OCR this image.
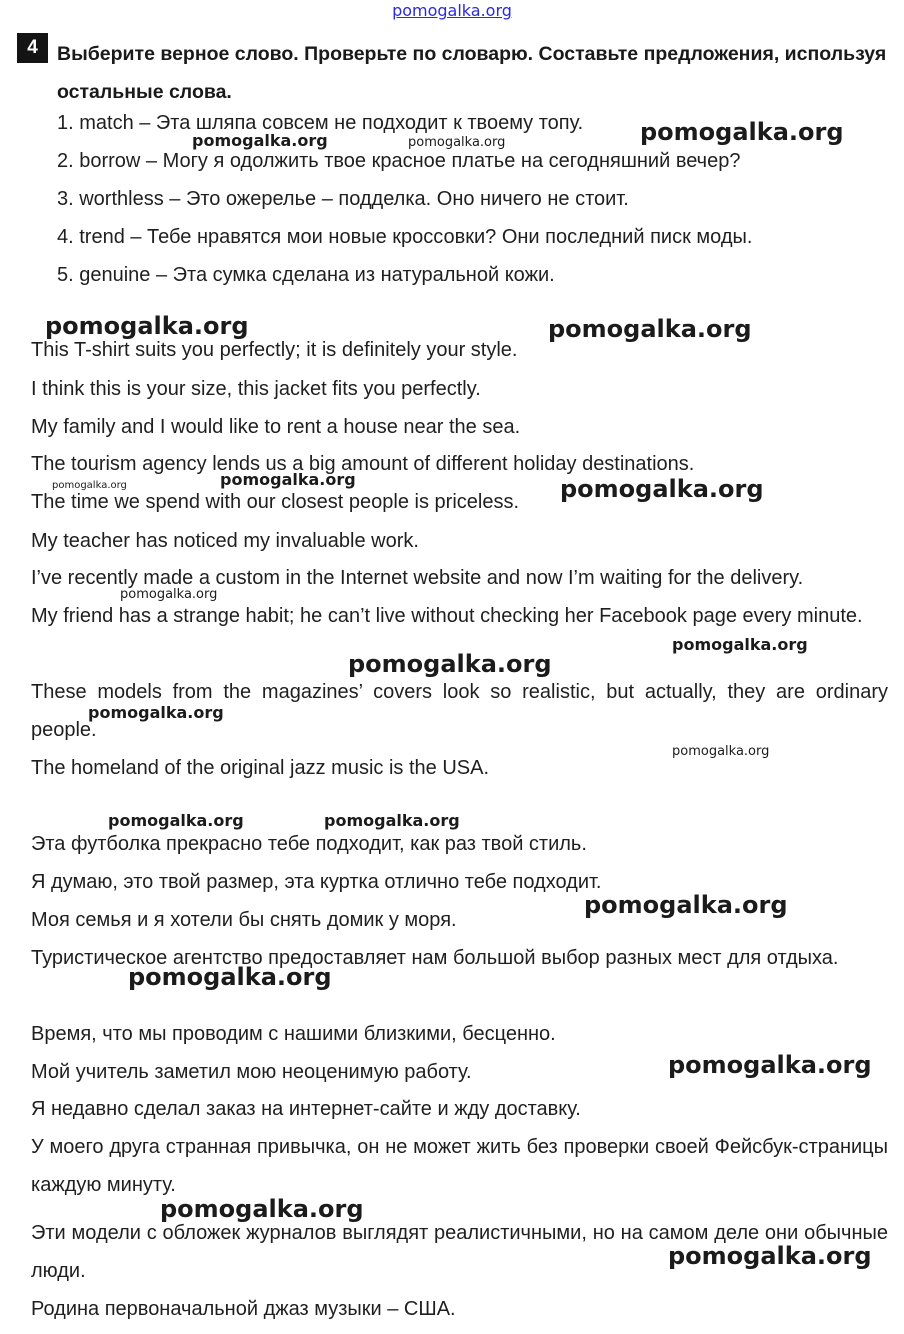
pomogalka.org
4 Выберите верное слово. Проверьте по словарю. Составьте предложения, используя остальные слова.

1. match – Эта шляпа совсем не подходит к твоему топу.

2. borrow – Могу я одолжить твое красное платье на сегодняшний вечер?

3. worthless – Это ожерелье – подделка. Оно ничего не стоит.

4. trend – Тебе нравятся мои новые кроссовки? Они последний писк моды.

5. genuine – Эта сумка сделана из натуральной кожи.

This T-shirt suits you perfectly; it is definitely your style.

I think this is your size, this jacket fits you perfectly.

My family and I would like to rent a house near the sea.

The tourism agency lends us a big amount of different holiday destinations.

The time we spend with our closest people is priceless.

My teacher has noticed my invaluable work.

I’ve recently made a custom in the Internet website and now I’m waiting for the delivery.

My friend has a strange habit; he can’t live without checking her Facebook page every minute.

These models from the magazines’ covers look so realistic, but actually, they are ordinary people.

The homeland of the original jazz music is the USA.

Эта футболка прекрасно тебе подходит, как раз твой стиль.

Я думаю, это твой размер, эта куртка отлично тебе подходит.

Моя семья и я хотели бы снять домик у моря.

Туристическое агентство предоставляет нам большой выбор разных мест для отдыха.

Время, что мы проводим с нашими близкими, бесценно.

Мой учитель заметил мою неоценимую работу.

Я недавно сделал заказ на интернет-сайте и жду доставку.

У моего друга странная привычка, он не может жить без проверки своей Фейсбук-страницы каждую минуту.

Эти модели с обложек журналов выглядят реалистичными, но на самом деле они обычные люди.

Родина первоначальной джаз музыки – США.

pomogalka.org
pomogalka.org	pomogalka.org
pomogalka.org	pomogalka.org
pomogalka.org	pomogalka.org	pomogalka.org
pomogalka.org
pomogalka.org
pomogalka.org
pomogalka.org
pomogalka.org
pomogalka.org	pomogalka.org
pomogalka.org
pomogalka.org
pomogalka.org
pomogalka.org
pomogalka.org
